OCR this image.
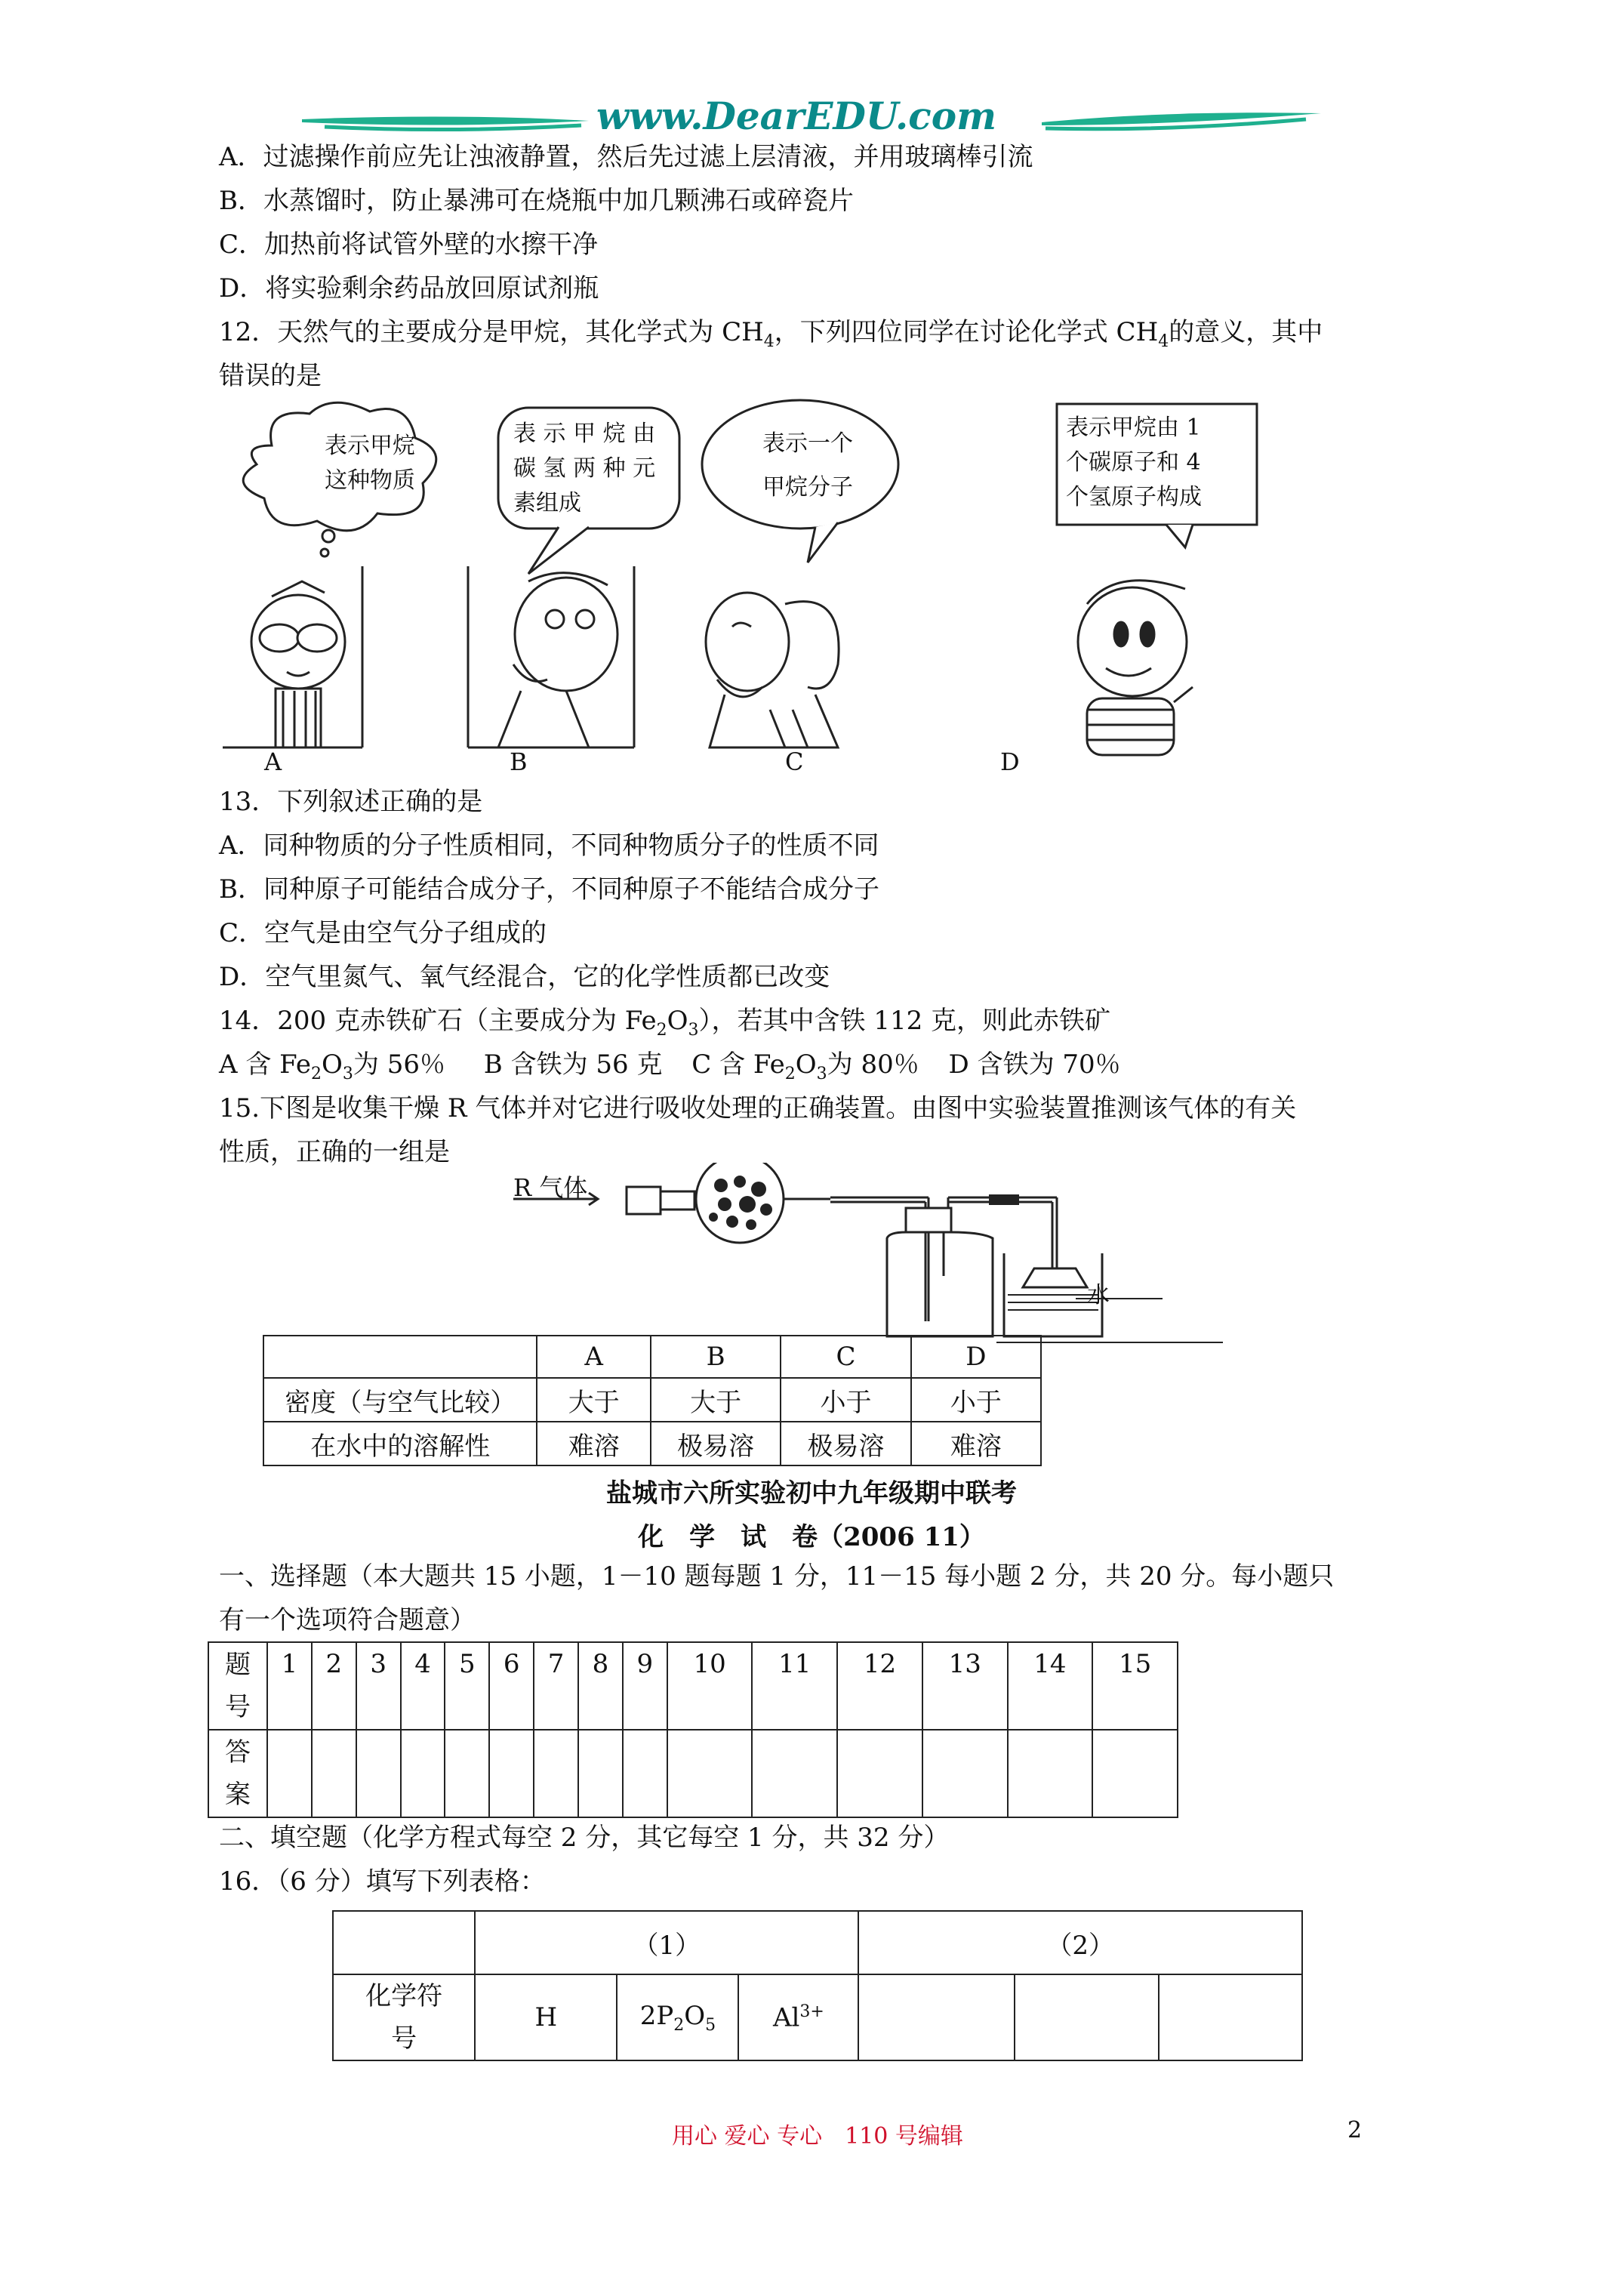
www.DearEDU.com
A．过滤操作前应先让浊液静置，然后先过滤上层清液，并用玻璃棒引流
B．水蒸馏时，防止暴沸可在烧瓶中加几颗沸石或碎瓷片
C．加热前将试管外壁的水擦干净
D．将实验剩余药品放回原试剂瓶
12．天然气的主要成分是甲烷，其化学式为 $CH_4$，下列四位同学在讨论化学式 $CH_4$的意义，其中
错误的是
表示甲烷
这种物质
表 示 甲 烷 由
碳 氢 两 种 元
素组成
表示一个
甲烷分子
表示甲烷由 1
个碳原子和 4
个氢原子构成
A	B	C	D
13．下列叙述正确的是
A．同种物质的分子性质相同，不同种物质分子的性质不同
B．同种原子可能结合成分子，不同种原子不能结合成分子
C．空气是由空气分子组成的
D．空气里氮气、氧气经混合，它的化学性质都已改变
14．200 克赤铁矿石（主要成分为 $Fe_2O_3$），若其中含铁 112 克，则此赤铁矿
A 含 $Fe_2O_3$为 56％ B 含铁为 56 克 C 含 $Fe_2O_3$为 80％ D 含铁为 70％
15.下图是收集干燥 R 气体并对它进行吸收处理的正确装置。由图中实验装置推测该气体的有关
性质，正确的一组是
R 气体
水
	A	B	C	D
密度（与空气比较）	大于	大于	小于	小于
在水中的溶解性	难溶	极易溶	极易溶	难溶
盐城市六所实验初中九年级期中联考
化　学　试　卷（2006 11）
一、选择题（本大题共 15 小题，1－10 题每题 1 分，11－15 每小题 2 分，共 20 分。每小题只
有一个选项符合题意）
题
号	1	2	3	4	5	6	7	8	9	10	11	12	13	14	15

答
案															

二、填空题（化学方程式每空 2 分，其它每空 1 分，共 32 分）
16．（6 分）填写下列表格：
	（1）			（2）		

化学符
号	H	$2P_2O_5$	$Al^{3+}$			
用心 爱心 专心　110 号编辑	2
